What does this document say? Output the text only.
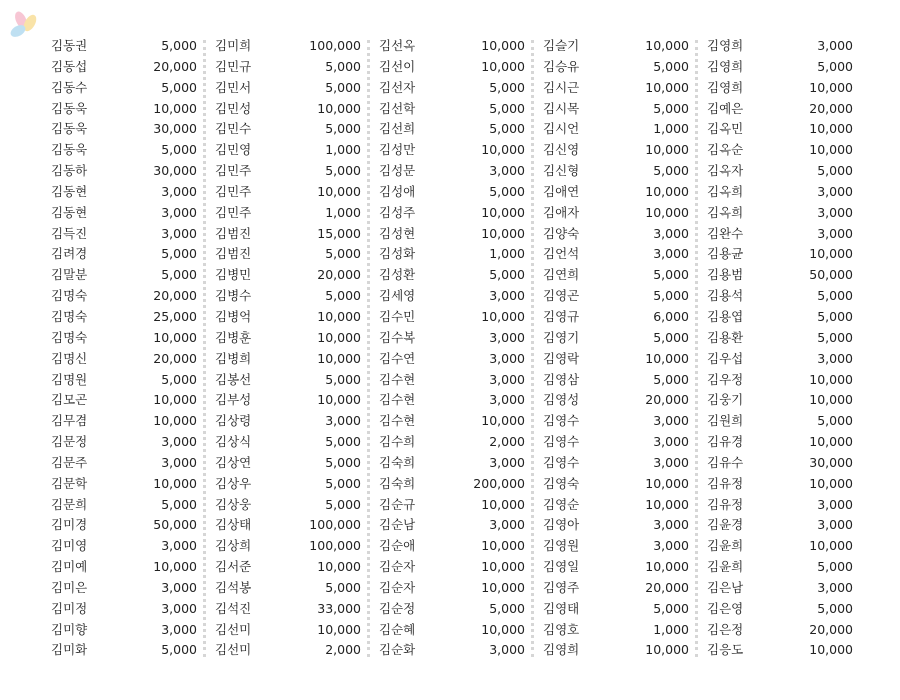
김동권	5,000
김동섭	20,000
김동수	5,000
김동욱	10,000
김동욱	30,000
김동욱	5,000
김동하	30,000
김동현	3,000
김동현	3,000
김득진	3,000
김려경	5,000
김말분	5,000
김명숙	20,000
김명숙	25,000
김명숙	10,000
김명신	20,000
김명원	5,000
김모곤	10,000
김무겸	10,000
김문정	3,000
김문주	3,000
김문학	10,000
김문희	5,000
김미경	50,000
김미영	3,000
김미예	10,000
김미은	3,000
김미정	3,000
김미향	3,000
김미화	5,000
김미희	100,000
김민규	5,000
김민서	5,000
김민성	10,000
김민수	5,000
김민영	1,000
김민주	5,000
김민주	10,000
김민주	1,000
김범진	15,000
김범진	5,000
김병민	20,000
김병수	5,000
김병억	10,000
김병훈	10,000
김병희	10,000
김봉선	5,000
김부성	10,000
김상령	3,000
김상식	5,000
김상연	5,000
김상우	5,000
김상웅	5,000
김상태	100,000
김상희	100,000
김서준	10,000
김석봉	5,000
김석진	33,000
김선미	10,000
김선미	2,000
김선옥	10,000
김선이	10,000
김선자	5,000
김선학	5,000
김선희	5,000
김성만	10,000
김성문	3,000
김성애	5,000
김성주	10,000
김성현	10,000
김성화	1,000
김성환	5,000
김세영	3,000
김수민	10,000
김수복	3,000
김수연	3,000
김수현	3,000
김수현	3,000
김수현	10,000
김수희	2,000
김숙희	3,000
김숙희	200,000
김순규	10,000
김순남	3,000
김순애	10,000
김순자	10,000
김순자	10,000
김순정	5,000
김순혜	10,000
김순화	3,000
김슬기	10,000
김승유	5,000
김시근	10,000
김시목	5,000
김시언	1,000
김신영	10,000
김신형	5,000
김애연	10,000
김애자	10,000
김양숙	3,000
김언석	3,000
김연희	5,000
김영곤	5,000
김영규	6,000
김영기	5,000
김영락	10,000
김영삼	5,000
김영성	20,000
김영수	3,000
김영수	3,000
김영수	3,000
김영숙	10,000
김영순	10,000
김영아	3,000
김영원	3,000
김영일	10,000
김영주	20,000
김영태	5,000
김영호	1,000
김영희	10,000
김영희	3,000
김영희	5,000
김영희	10,000
김예은	20,000
김옥민	10,000
김옥순	10,000
김옥자	5,000
김옥희	3,000
김옥희	3,000
김완수	3,000
김용균	10,000
김용범	50,000
김용석	5,000
김용엽	5,000
김용환	5,000
김우섭	3,000
김우정	10,000
김웅기	10,000
김원희	5,000
김유경	10,000
김유수	30,000
김유정	10,000
김유정	3,000
김윤경	3,000
김윤희	10,000
김윤희	5,000
김은남	3,000
김은영	5,000
김은정	20,000
김응도	10,000
